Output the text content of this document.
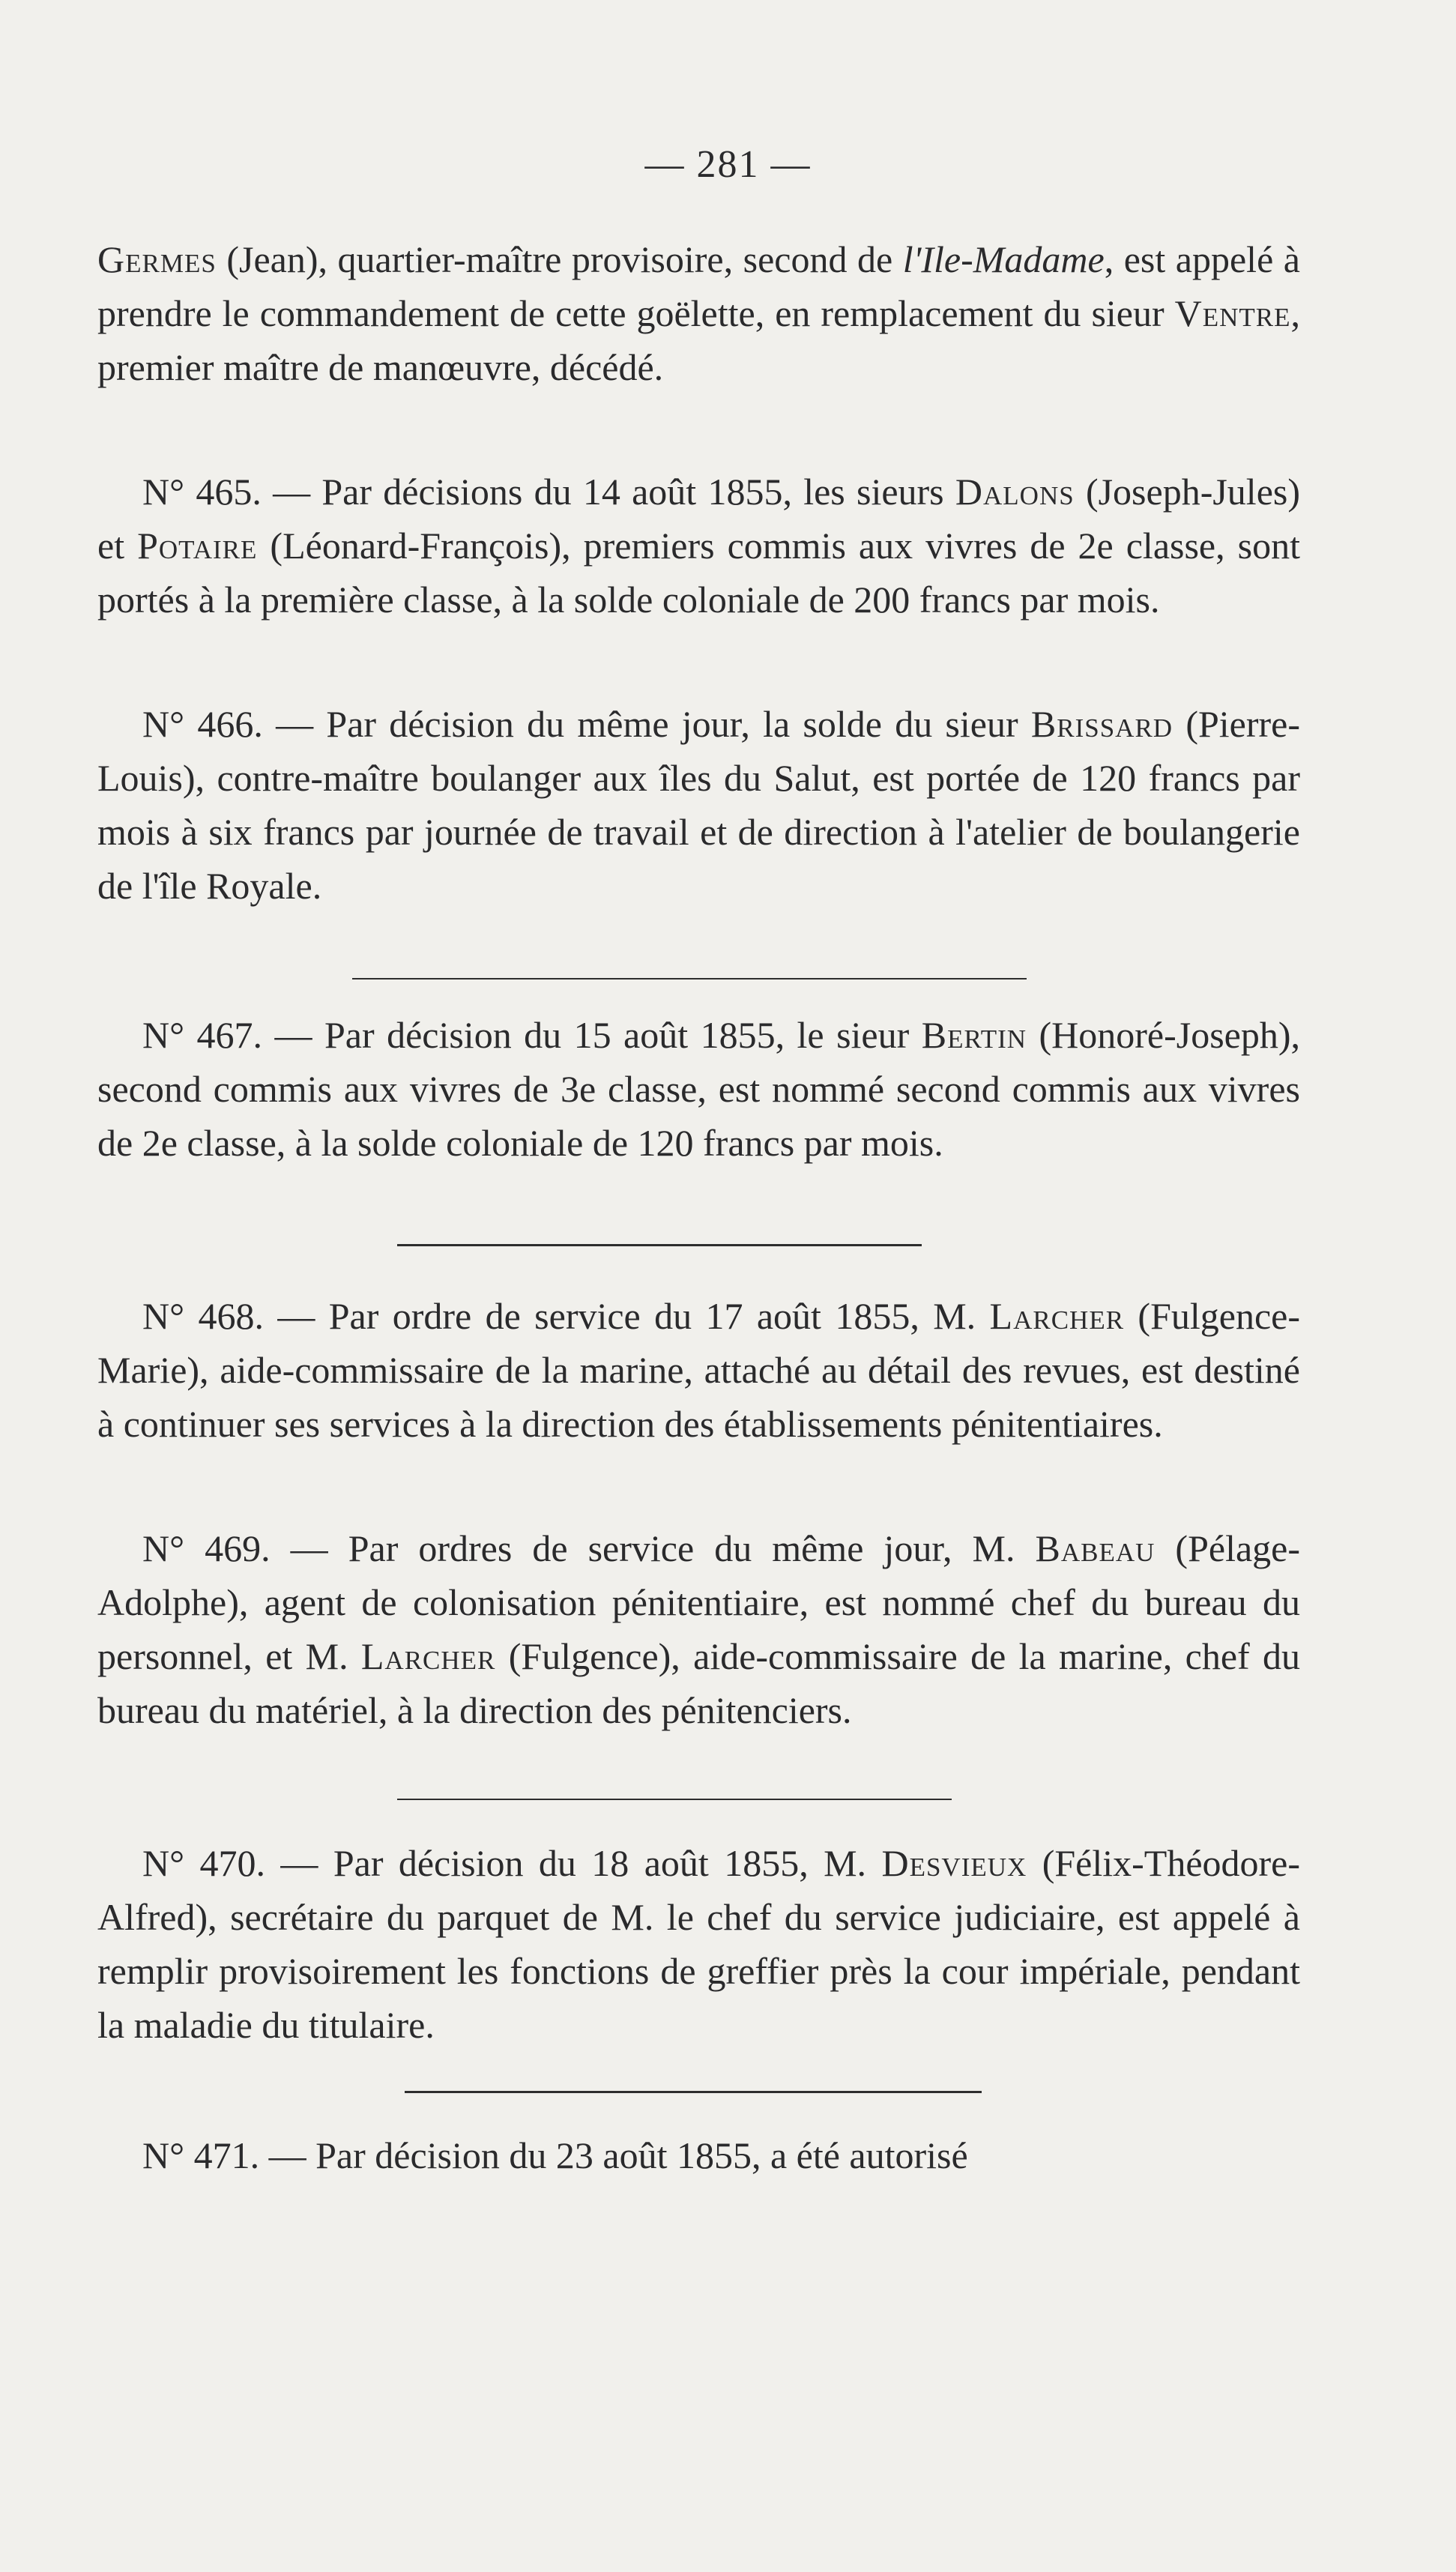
— 281 —
Germes (Jean), quartier-maître provisoire, second de l'Ile-Madame, est appelé à prendre le commandement de cette goëlette, en remplacement du sieur Ventre, premier maître de manœuvre, décédé.
N° 465. — Par décisions du 14 août 1855, les sieurs Dalons (Joseph-Jules) et Potaire (Léonard-François), premiers commis aux vivres de 2e classe, sont portés à la première classe, à la solde coloniale de 200 francs par mois.
N° 466. — Par décision du même jour, la solde du sieur Brissard (Pierre-Louis), contre-maître boulanger aux îles du Salut, est portée de 120 francs par mois à six francs par journée de travail et de direction à l'atelier de boulangerie de l'île Royale.
N° 467. — Par décision du 15 août 1855, le sieur Bertin (Honoré-Joseph), second commis aux vivres de 3e classe, est nommé second commis aux vivres de 2e classe, à la solde coloniale de 120 francs par mois.
N° 468. — Par ordre de service du 17 août 1855, M. Larcher (Fulgence-Marie), aide-commissaire de la marine, attaché au détail des revues, est destiné à continuer ses services à la direction des établissements pénitentiaires.
N° 469. — Par ordres de service du même jour, M. Babeau (Pélage-Adolphe), agent de colonisation pénitentiaire, est nommé chef du bureau du personnel, et M. Larcher (Fulgence), aide-commissaire de la marine, chef du bureau du matériel, à la direction des pénitenciers.
N° 470. — Par décision du 18 août 1855, M. Desvieux (Félix-Théodore-Alfred), secrétaire du parquet de M. le chef du service judiciaire, est appelé à remplir provisoirement les fonctions de greffier près la cour impériale, pendant la maladie du titulaire.
N° 471. — Par décision du 23 août 1855, a été autorisé
